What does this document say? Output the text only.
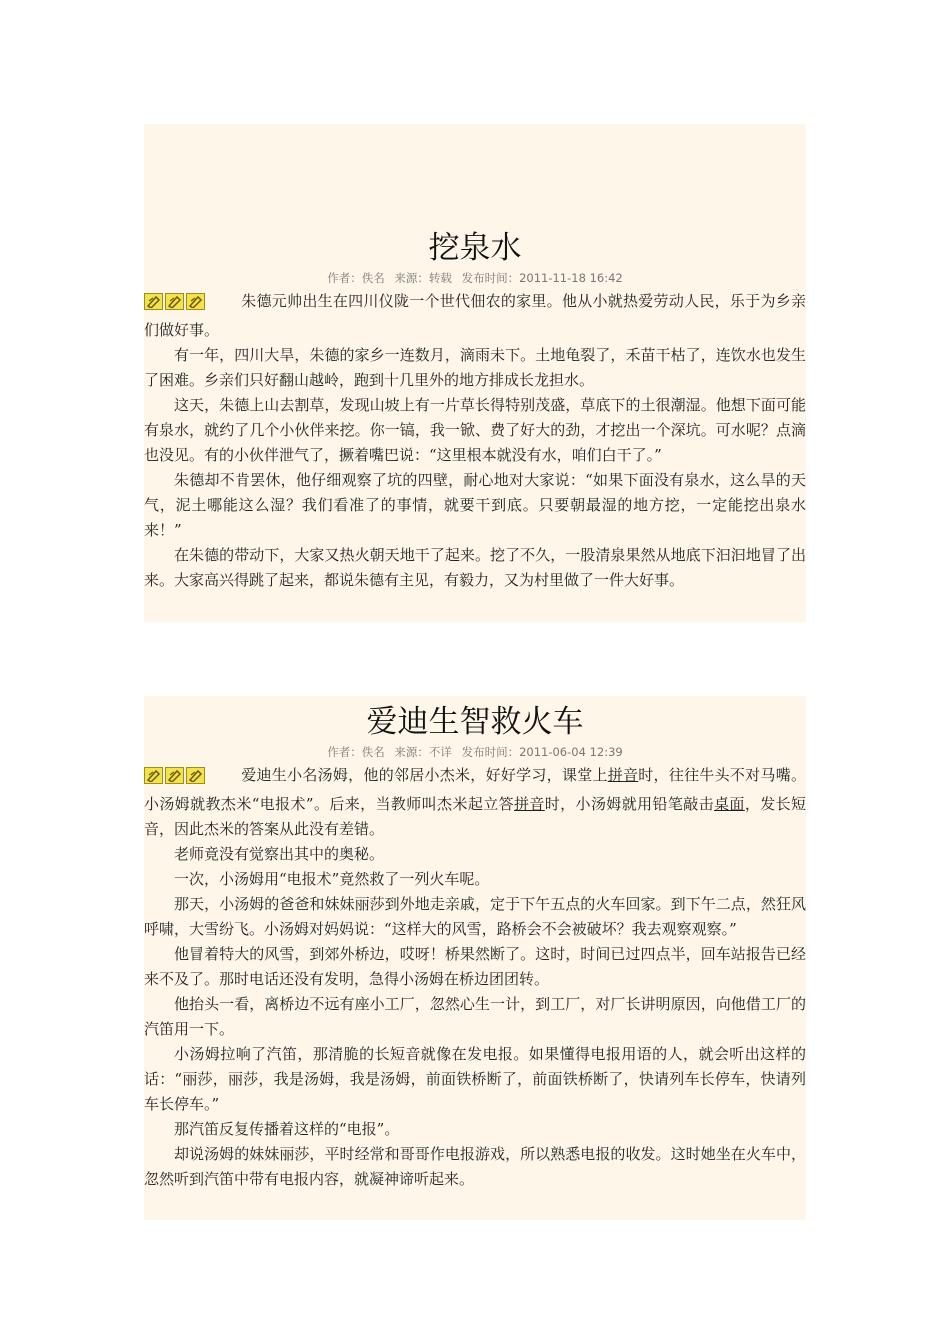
挖泉水
作者：佚名 来源：转载 发布时间：2011-11-18 16:42

朱德元帅出生在四川仪陇一个世代佃农的家里。他从小就热爱劳动人民，乐于为乡亲们做好事。

有一年，四川大旱，朱德的家乡一连数月，滴雨未下。土地龟裂了，禾苗干枯了，连饮水也发生了困难。乡亲们只好翻山越岭，跑到十几里外的地方排成长龙担水。

这天，朱德上山去割草，发现山坡上有一片草长得特别茂盛，草底下的土很潮湿。他想下面可能　有泉水，就约了几个小伙伴来挖。你一镐，我一锨、费了好大的劲，才挖出一个深坑。可水呢？点滴　也没见。有的小伙伴泄气了，撅着嘴巴说：“这里根本就没有水，咱们白干了。”

朱德却不肯罢休，他仔细观察了坑的四壁，耐心地对大家说：“如果下面没有泉水，这么旱的天气，泥土哪能这么湿？我们看准了的事情，就要干到底。只要朝最湿的地方挖，一定能挖出泉水来！”

在朱德的带动下，大家又热火朝天地干了起来。挖了不久，一股清泉果然从地底下汩汩地冒了出来。大家高兴得跳了起来，都说朱德有主见，有毅力，又为村里做了一件大好事。

爱迪生智救火车
作者：佚名 来源：不详 发布时间：2011-06-04 12:39

爱迪生小名汤姆，他的邻居小杰米，好好学习，课堂上拼音时，往往牛头不对马嘴。小汤姆就教杰米“电报术”。后来，当教师叫杰米起立答拼音时，小汤姆就用铅笔敲击桌面，发长短音，因此杰米的答案从此没有差错。

老师竟没有觉察出其中的奥秘。

一次，小汤姆用“电报术”竟然救了一列火车呢。

那天，小汤姆的爸爸和妹妹丽莎到外地走亲戚，定于下午五点的火车回家。到下午二点，然狂风呼啸，大雪纷飞。小汤姆对妈妈说：“这样大的风雪，路桥会不会被破坏？我去观察观察。”

他冒着特大的风雪，到郊外桥边，哎呀！桥果然断了。这时，时间已过四点半，回车站报告已经来不及了。那时电话还没有发明，急得小汤姆在桥边团团转。

他抬头一看，离桥边不远有座小工厂，忽然心生一计，到工厂，对厂长讲明原因，向他借工厂的汽笛用一下。

小汤姆拉响了汽笛，那清脆的长短音就像在发电报。如果懂得电报用语的人，就会听出这样的话：“丽莎，丽莎，我是汤姆，我是汤姆，前面铁桥断了，前面铁桥断了，快请列车长停车，快请列车长停车。”

那汽笛反复传播着这样的“电报”。

却说汤姆的妹妹丽莎，平时经常和哥哥作电报游戏，所以熟悉电报的收发。这时她坐在火车中，忽然听到汽笛中带有电报内容，就凝神谛听起来。
